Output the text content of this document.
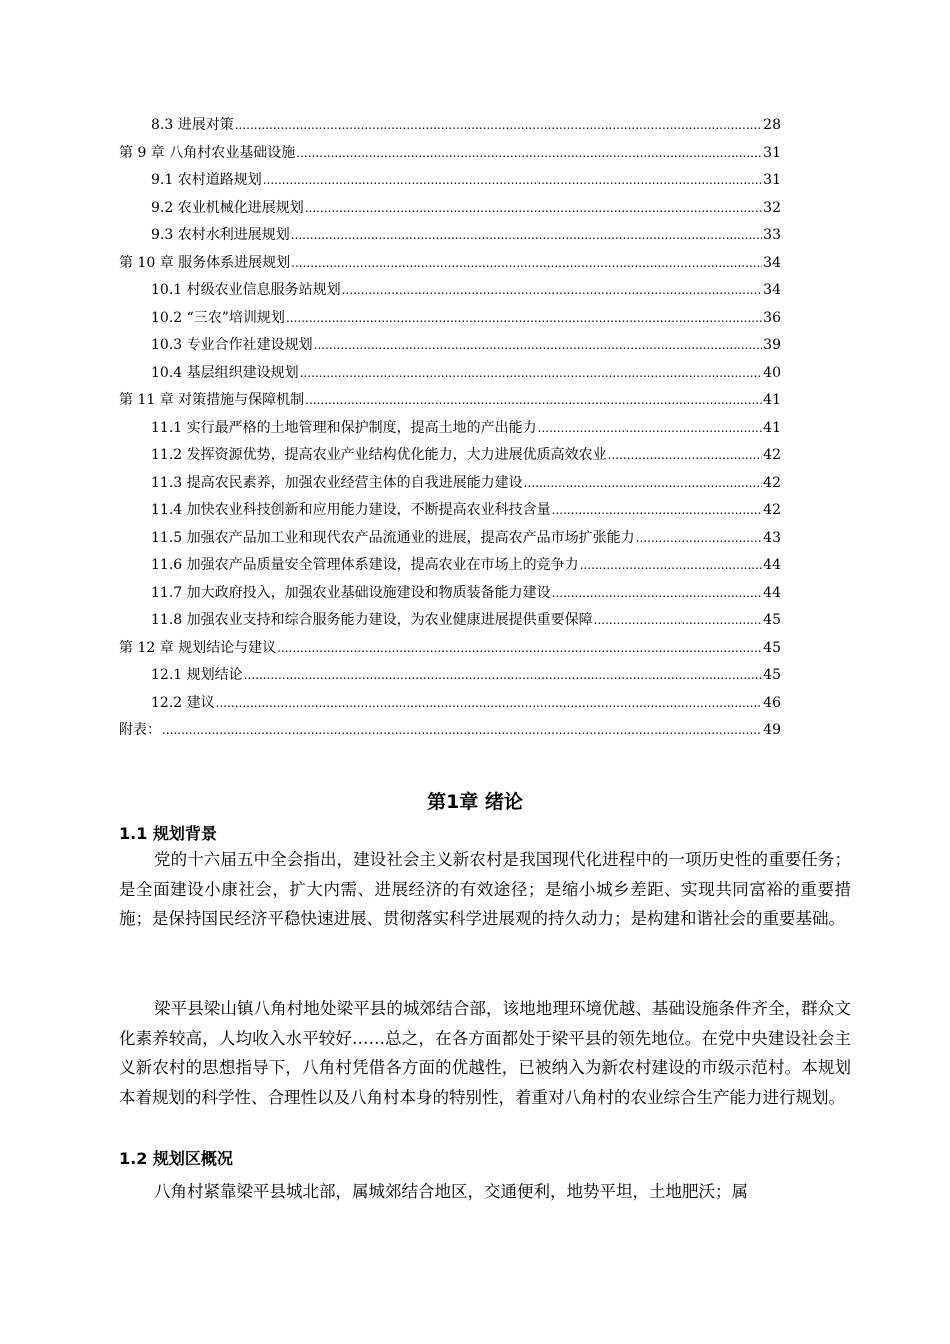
8.3 进展对策 .....	28
第 9 章 八角村农业基础设施 .....	31
9.1 农村道路规划 .....	31
9.2 农业机械化进展规划 .....	32
9.3 农村水利进展规划 .....	33
第 10 章 服务体系进展规划 .....	34
10.1 村级农业信息服务站规划 .....	34
10.2 “三农”培训规划 .....	36
10.3 专业合作社建设规划 .....	39
10.4 基层组织建设规划 .....	40
第 11 章 对策措施与保障机制 .....	41
11.1 实行最严格的土地管理和保护制度，提高土地的产出能力 .....	41
11.2 发挥资源优势，提高农业产业结构优化能力，大力进展优质高效农业 .....	42
11.3 提高农民素养，加强农业经营主体的自我进展能力建设 .....	42
11.4 加快农业科技创新和应用能力建设，不断提高农业科技含量 .....	42
11.5 加强农产品加工业和现代农产品流通业的进展，提高农产品市场扩张能力 .....	43
11.6 加强农产品质量安全管理体系建设，提高农业在市场上的竞争力 .....	44
11.7 加大政府投入，加强农业基础设施建设和物质装备能力建设 .....	44
11.8 加强农业支持和综合服务能力建设，为农业健康进展提供重要保障 .....	45
第 12 章 规划结论与建议 .....	45
12.1 规划结论 .....	45
12.2 建议 .....	46
附表： .....	49
第1章 绪论
1.1 规划背景

党的十六届五中全会指出，建设社会主义新农村是我国现代化进程中的一项历史性的重要任务；是全面建设小康社会，扩大内需、进展经济的有效途径；是缩小城乡差距、实现共同富裕的重要措施；是保持国民经济平稳快速进展、贯彻落实科学进展观的持久动力；是构建和谐社会的重要基础。

梁平县梁山镇八角村地处梁平县的城郊结合部，该地地理环境优越、基础设施条件齐全，群众文化素养较高，人均收入水平较好……总之，在各方面都处于梁平县的领先地位。在党中央建设社会主义新农村的思想指导下，八角村凭借各方面的优越性，已被纳入为新农村建设的市级示范村。本规划本着规划的科学性、合理性以及八角村本身的特别性，着重对八角村的农业综合生产能力进行规划。

1.2 规划区概况

八角村紧靠梁平县城北部，属城郊结合地区，交通便利，地势平坦，土地肥沃；属
